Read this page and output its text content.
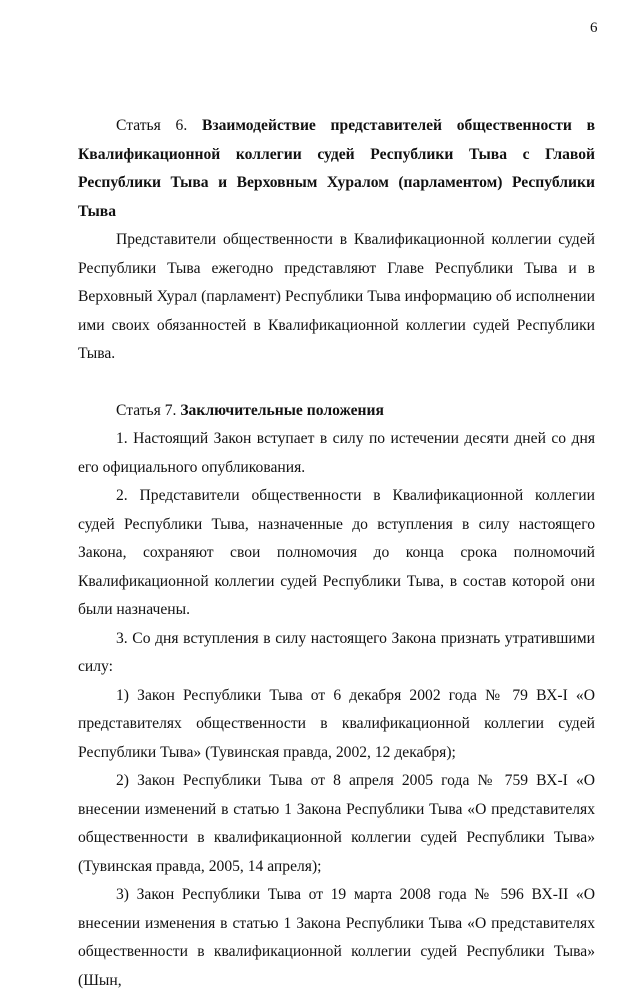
6

Статья 6. Взаимодействие представителей общественности в Квалификационной коллегии судей Республики Тыва с Главой Республики Тыва и Верховным Хуралом (парламентом) Республики Тыва

Представители общественности в Квалификационной коллегии судей Республики Тыва ежегодно представляют Главе Республики Тыва и в Верховный Хурал (парламент) Республики Тыва информацию об исполнении ими своих обязанностей в Квалификационной коллегии судей Республики Тыва.

Статья 7. Заключительные положения

1. Настоящий Закон вступает в силу по истечении десяти дней со дня его официального опубликования.

2. Представители общественности в Квалификационной коллегии судей Республики Тыва, назначенные до вступления в силу настоящего Закона, сохраняют свои полномочия до конца срока полномочий Квалификационной коллегии судей Республики Тыва, в состав которой они были назначены.

3. Со дня вступления в силу настоящего Закона признать утратившими силу:

1) Закон Республики Тыва от 6 декабря 2002 года № 79 ВХ-I «О представителях общественности в квалификационной коллегии судей Республики Тыва» (Тувинская правда, 2002, 12 декабря);

2) Закон Республики Тыва от 8 апреля 2005 года № 759 ВХ-I «О внесении изменений в статью 1 Закона Республики Тыва «О представителях общественности в квалификационной коллегии судей Республики Тыва» (Тувинская правда, 2005, 14 апреля);

3) Закон Республики Тыва от 19 марта 2008 года № 596 ВХ-II «О внесении изменения в статью 1 Закона Республики Тыва «О представителях общественности в квалификационной коллегии судей Республики Тыва» (Шын,
